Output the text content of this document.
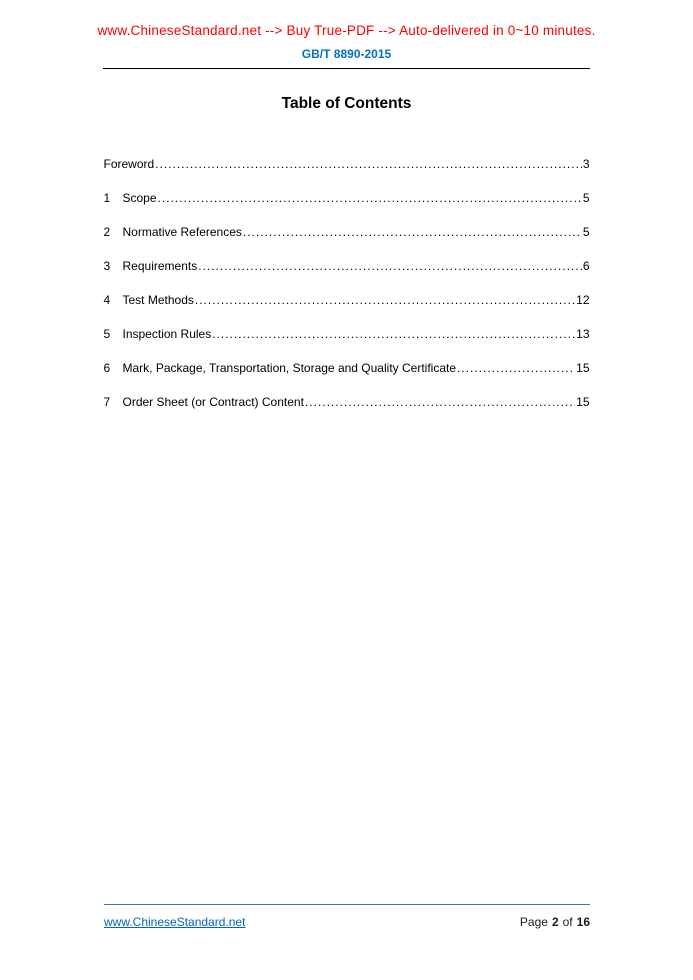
www.ChineseStandard.net --> Buy True-PDF --> Auto-delivered in 0~10 minutes.
GB/T 8890-2015
Table of Contents
Foreword .....	3
1	Scope .....	5
2	Normative References .....	5
3	Requirements .....	6
4	Test Methods .....	12
5	Inspection Rules .....	13
6	Mark, Package, Transportation, Storage and Quality Certificate .....	15
7	Order Sheet (or Contract) Content .....	15
www.ChineseStandard.net	Page 2 of 16
